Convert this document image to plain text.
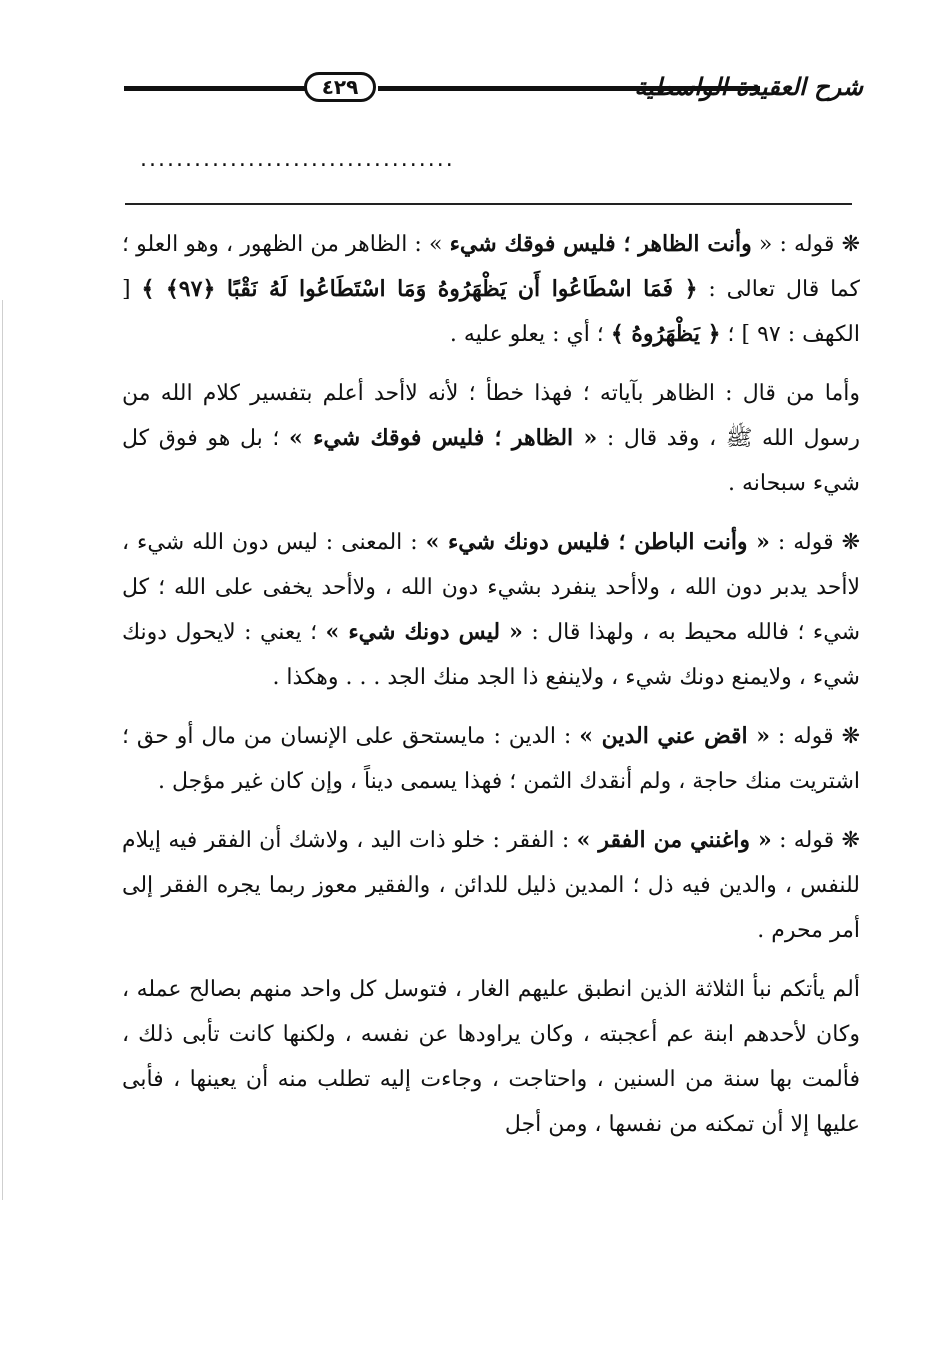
٤٢٩	شرح العقيدة الواسطية
...................................

❋ قوله : « وأنت الظاهر ؛ فليس فوقك شيء » : الظاهر من الظهور ، وهو العلو ؛ كما قال تعالى : ﴿ فَمَا اسْطَاعُوا أَن يَظْهَرُوهُ وَمَا اسْتَطَاعُوا لَهُ نَقْبًا ﴿٩٧﴾ ﴾ [ الكهف : ٩٧ ] ؛ ﴿ يَظْهَرُوهُ ﴾ ؛ أي : يعلو عليه .

وأما من قال : الظاهر بآياته ؛ فهذا خطأ ؛ لأنه لاأحد أعلم بتفسير كلام الله من رسول الله ﷺ ، وقد قال : « الظاهر ؛ فليس فوقك شيء » ؛ بل هو فوق كل شيء سبحانه .

❋ قوله : « وأنت الباطن ؛ فليس دونك شيء » : المعنى : ليس دون الله شيء ، لاأحد يدبر دون الله ، ولاأحد ينفرد بشيء دون الله ، ولاأحد يخفى على الله ؛ كل شيء ؛ فالله محيط به ، ولهذا قال : « ليس دونك شيء » ؛ يعني : لايحول دونك شيء ، ولايمنع دونك شيء ، ولاينفع ذا الجد منك الجد . . . وهكذا .

❋ قوله : « اقض عني الدين » : الدين : مايستحق على الإنسان من مال أو حق ؛ اشتريت منك حاجة ، ولم أنقدك الثمن ؛ فهذا يسمى ديناً ، وإن كان غير مؤجل .

❋ قوله : « واغنني من الفقر » : الفقر : خلو ذات اليد ، ولاشك أن الفقر فيه إيلام للنفس ، والدين فيه ذل ؛ المدين ذليل للدائن ، والفقير معوز ربما يجره الفقر إلى أمر محرم .

ألم يأتكم نبأ الثلاثة الذين انطبق عليهم الغار ، فتوسل كل واحد منهم بصالح عمله ، وكان لأحدهم ابنة عم أعجبته ، وكان يراودها عن نفسه ، ولكنها كانت تأبى ذلك ، فألمت بها سنة من السنين ، واحتاجت ، وجاءت إليه تطلب منه أن يعينها ، فأبى عليها إلا أن تمكنه من نفسها ، ومن أجل
